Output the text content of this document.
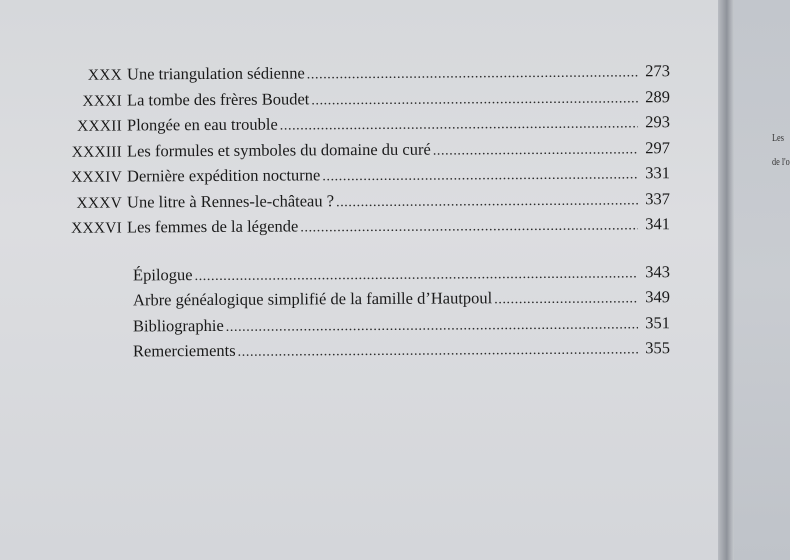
XXX Une triangulation sédienne .....	273
XXXI La tombe des frères Boudet .....	289
XXXII Plongée en eau trouble .....	293
XXXIII Les formules et symboles du domaine du curé .....	297
XXXIV Dernière expédition nocturne .....	331
XXXV Une litre à Rennes-le-château ? .....	337
XXXVI Les femmes de la légende .....	341
Épilogue .....	343
Arbre généalogique simplifié de la famille d’Hautpoul .....	349
Bibliographie .....	351
Remerciements .....	355
Les
de l'o
